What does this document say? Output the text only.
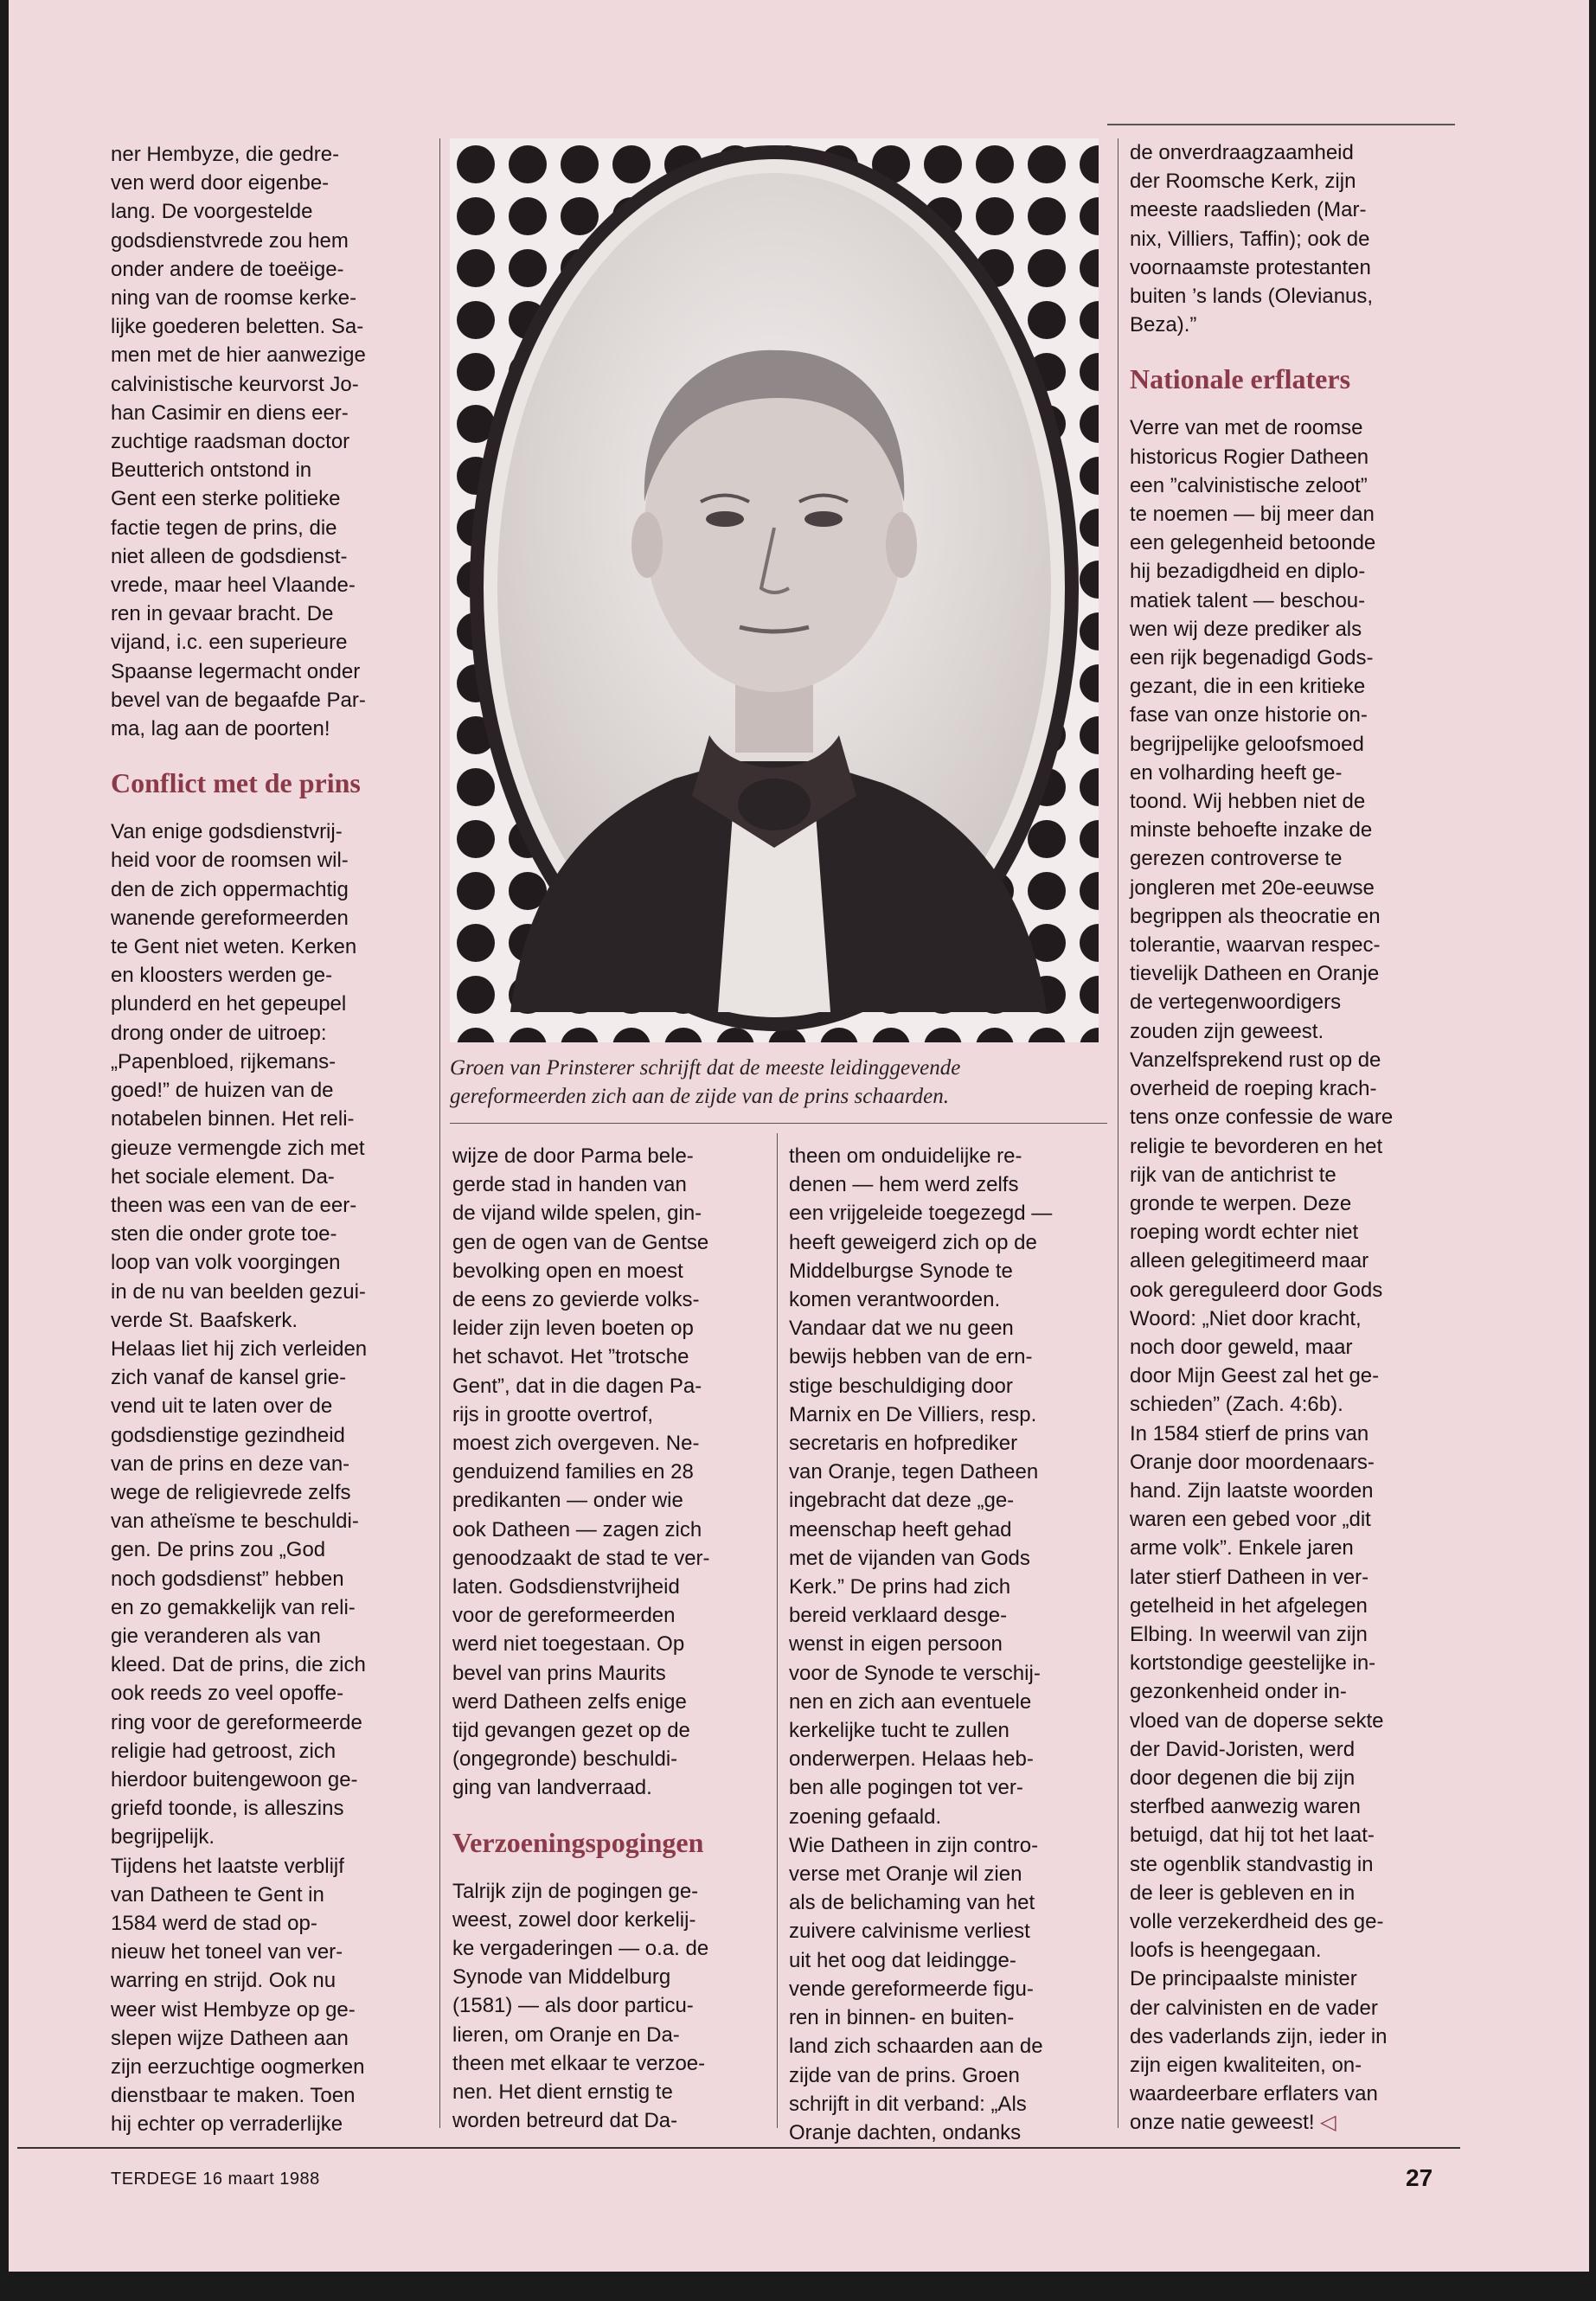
ner Hembyze, die gedre-
ven werd door eigenbe-
lang. De voorgestelde
godsdienstvrede zou hem
onder andere de toeëige-
ning van de roomse kerke-
lijke goederen beletten. Sa-
men met de hier aanwezige
calvinistische keurvorst Jo-
han Casimir en diens eer-
zuchtige raadsman doctor
Beutterich ontstond in
Gent een sterke politieke
factie tegen de prins, die
niet alleen de godsdienst-
vrede, maar heel Vlaande-
ren in gevaar bracht. De
vijand, i.c. een superieure
Spaanse legermacht onder
bevel van de begaafde Par-
ma, lag aan de poorten!

Conflict met de prins

Van enige godsdienstvrij-
heid voor de roomsen wil-
den de zich oppermachtig
wanende gereformeerden
te Gent niet weten. Kerken
en kloosters werden ge-
plunderd en het gepeupel
drong onder de uitroep:
„Papenbloed, rijkemans-
goed!” de huizen van de
notabelen binnen. Het reli-
gieuze vermengde zich met
het sociale element. Da-
theen was een van de eer-
sten die onder grote toe-
loop van volk voorgingen
in de nu van beelden gezui-
verde St. Baafskerk.
Helaas liet hij zich verleiden
zich vanaf de kansel grie-
vend uit te laten over de
godsdienstige gezindheid
van de prins en deze van-
wege de religievrede zelfs
van atheïsme te beschuldi-
gen. De prins zou „God
noch godsdienst” hebben
en zo gemakkelijk van reli-
gie veranderen als van
kleed. Dat de prins, die zich
ook reeds zo veel opoffe-
ring voor de gereformeerde
religie had getroost, zich
hierdoor buitengewoon ge-
griefd toonde, is alleszins
begrijpelijk.
Tijdens het laatste verblijf
van Datheen te Gent in
1584 werd de stad op-
nieuw het toneel van ver-
warring en strijd. Ook nu
weer wist Hembyze op ge-
slepen wijze Datheen aan
zijn eerzuchtige oogmerken
dienstbaar te maken. Toen
hij echter op verraderlijke

Groen van Prinsterer schrijft dat de meeste leidinggevende
gereformeerden zich aan de zijde van de prins schaarden.

wijze de door Parma bele-
gerde stad in handen van
de vijand wilde spelen, gin-
gen de ogen van de Gentse
bevolking open en moest
de eens zo gevierde volks-
leider zijn leven boeten op
het schavot. Het ”trotsche
Gent”, dat in die dagen Pa-
rijs in grootte overtrof,
moest zich overgeven. Ne-
genduizend families en 28
predikanten — onder wie
ook Datheen — zagen zich
genoodzaakt de stad te ver-
laten. Godsdienstvrijheid
voor de gereformeerden
werd niet toegestaan. Op
bevel van prins Maurits
werd Datheen zelfs enige
tijd gevangen gezet op de
(ongegronde) beschuldi-
ging van landverraad.

Verzoeningspogingen

Talrijk zijn de pogingen ge-
weest, zowel door kerkelij-
ke vergaderingen — o.a. de
Synode van Middelburg
(1581) — als door particu-
lieren, om Oranje en Da-
theen met elkaar te verzoe-
nen. Het dient ernstig te
worden betreurd dat Da-

theen om onduidelijke re-
denen — hem werd zelfs
een vrijgeleide toegezegd —
heeft geweigerd zich op de
Middelburgse Synode te
komen verantwoorden.
Vandaar dat we nu geen
bewijs hebben van de ern-
stige beschuldiging door
Marnix en De Villiers, resp.
secretaris en hofprediker
van Oranje, tegen Datheen
ingebracht dat deze „ge-
meenschap heeft gehad
met de vijanden van Gods
Kerk.” De prins had zich
bereid verklaard desge-
wenst in eigen persoon
voor de Synode te verschij-
nen en zich aan eventuele
kerkelijke tucht te zullen
onderwerpen. Helaas heb-
ben alle pogingen tot ver-
zoening gefaald.
Wie Datheen in zijn contro-
verse met Oranje wil zien
als de belichaming van het
zuivere calvinisme verliest
uit het oog dat leidingge-
vende gereformeerde figu-
ren in binnen- en buiten-
land zich schaarden aan de
zijde van de prins. Groen
schrijft in dit verband: „Als
Oranje dachten, ondanks

de onverdraagzaamheid
der Roomsche Kerk, zijn
meeste raadslieden (Mar-
nix, Villiers, Taffin); ook de
voornaamste protestanten
buiten ’s lands (Olevianus,
Beza).”

Nationale erflaters

Verre van met de roomse
historicus Rogier Datheen
een ”calvinistische zeloot”
te noemen — bij meer dan
een gelegenheid betoonde
hij bezadigdheid en diplo-
matiek talent — beschou-
wen wij deze prediker als
een rijk begenadigd Gods-
gezant, die in een kritieke
fase van onze historie on-
begrijpelijke geloofsmoed
en volharding heeft ge-
toond. Wij hebben niet de
minste behoefte inzake de
gerezen controverse te
jongleren met 20e-eeuwse
begrippen als theocratie en
tolerantie, waarvan respec-
tievelijk Datheen en Oranje
de vertegenwoordigers
zouden zijn geweest.
Vanzelfsprekend rust op de
overheid de roeping krach-
tens onze confessie de ware
religie te bevorderen en het
rijk van de antichrist te
gronde te werpen. Deze
roeping wordt echter niet
alleen gelegitimeerd maar
ook gereguleerd door Gods
Woord: „Niet door kracht,
noch door geweld, maar
door Mijn Geest zal het ge-
schieden” (Zach. 4:6b).
In 1584 stierf de prins van
Oranje door moordenaars-
hand. Zijn laatste woorden
waren een gebed voor „dit
arme volk”. Enkele jaren
later stierf Datheen in ver-
getelheid in het afgelegen
Elbing. In weerwil van zijn
kortstondige geestelijke in-
gezonkenheid onder in-
vloed van de doperse sekte
der David-Joristen, werd
door degenen die bij zijn
sterfbed aanwezig waren
betuigd, dat hij tot het laat-
ste ogenblik standvastig in
de leer is gebleven en in
volle verzekerdheid des ge-
loofs is heengegaan.
De principaalste minister
der calvinisten en de vader
des vaderlands zijn, ieder in
zijn eigen kwaliteiten, on-
waardeerbare erflaters van
onze natie geweest! ◁

TERDEGE 16 maart 1988	27
